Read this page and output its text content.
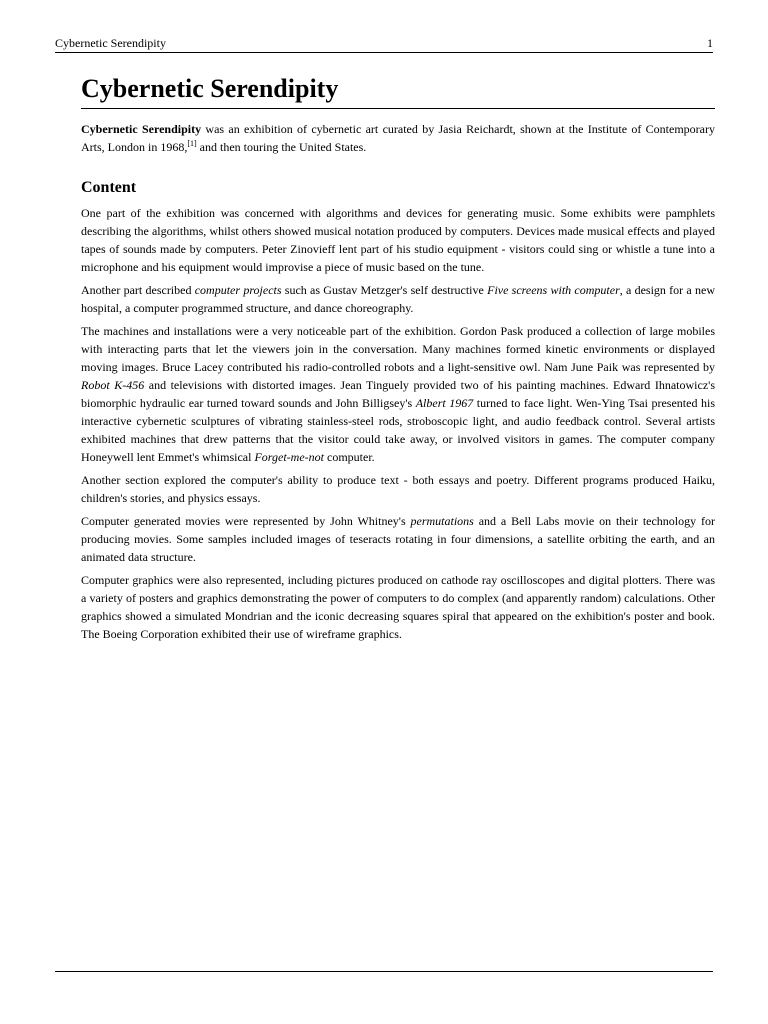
Cybernetic Serendipity	1
Cybernetic Serendipity

Cybernetic Serendipity was an exhibition of cybernetic art curated by Jasia Reichardt, shown at the Institute of Contemporary Arts, London in 1968,[1] and then touring the United States.

Content

One part of the exhibition was concerned with algorithms and devices for generating music. Some exhibits were pamphlets describing the algorithms, whilst others showed musical notation produced by computers. Devices made musical effects and played tapes of sounds made by computers. Peter Zinovieff lent part of his studio equipment - visitors could sing or whistle a tune into a microphone and his equipment would improvise a piece of music based on the tune.

Another part described computer projects such as Gustav Metzger's self destructive Five screens with computer, a design for a new hospital, a computer programmed structure, and dance choreography.

The machines and installations were a very noticeable part of the exhibition. Gordon Pask produced a collection of large mobiles with interacting parts that let the viewers join in the conversation. Many machines formed kinetic environments or displayed moving images. Bruce Lacey contributed his radio-controlled robots and a light-sensitive owl. Nam June Paik was represented by Robot K-456 and televisions with distorted images. Jean Tinguely provided two of his painting machines. Edward Ihnatowicz's biomorphic hydraulic ear turned toward sounds and John Billigsey's Albert 1967 turned to face light. Wen-Ying Tsai presented his interactive cybernetic sculptures of vibrating stainless-steel rods, stroboscopic light, and audio feedback control. Several artists exhibited machines that drew patterns that the visitor could take away, or involved visitors in games. The computer company Honeywell lent Emmet's whimsical Forget-me-not computer.

Another section explored the computer's ability to produce text - both essays and poetry. Different programs produced Haiku, children's stories, and physics essays.

Computer generated movies were represented by John Whitney's permutations and a Bell Labs movie on their technology for producing movies. Some samples included images of teseracts rotating in four dimensions, a satellite orbiting the earth, and an animated data structure.

Computer graphics were also represented, including pictures produced on cathode ray oscilloscopes and digital plotters. There was a variety of posters and graphics demonstrating the power of computers to do complex (and apparently random) calculations. Other graphics showed a simulated Mondrian and the iconic decreasing squares spiral that appeared on the exhibition's poster and book. The Boeing Corporation exhibited their use of wireframe graphics.
